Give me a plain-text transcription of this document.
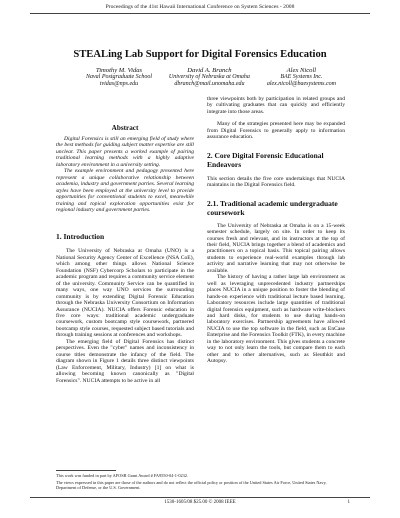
Proceedings of the 41st Hawaii International Conference on System Sciences - 2008
STEALing Lab Support for Digital Forensics Education
Timothy M. Vidas
Naval Postgraduate School
tvidas@nps.edu
David A. Branch
University of Nebraska at Omaha
dbranch@mail.unomaha.edu
Alex Nicoll
BAE Systems Inc.
alex.nicoll@baesystems.com
Abstract

Digital Forensics is still an emerging field of study where the best methods for guiding subject matter expertise are still unclear. This paper presents a worked example of pairing traditional learning methods with a highly adaptive laboratory environment in a university setting.

The example environment and pedagogy presented here represent a unique collaborative relationship between academia, industry and government parties. Several learning styles have been employed at the university level to provide opportunities for conventional students to excel, meanwhile training and topical exploration opportunities exist for regional industry and government parties.

1. Introduction

The University of Nebraska at Omaha (UNO) is a National Security Agency Center of Excellence (NSA CoE), which among other things allows National Science Foundation (NSF) Cybercorp Scholars to participate in the academic program and requires a community service element of the university. Community Service can be quantified in many ways, one way UNO services the surrounding community is by extending Digital Forensic Education through the Nebraska University Consortium on Information Assurance (NUCIA). NUCIA offers Forensic education in five core ways: traditional academic undergraduate coursework, custom bootcamp style coursework, partnered bootcamp style courses, requested subject based tutorials and through training sessions at conferences and workshops.

The emerging field of Digital Forensics has distinct perspectives. Even the "cyber" names and inconsistency in course titles demonstrate the infancy of the field. The diagram shown in Figure 1 details three distinct viewpoints (Law Enforcement, Military, Industry) [1] on what is allowing becoming known canonically as "Digital Forensics". NUCIA attempts to be active in all

three viewpoints both by participation in related groups and by cultivating graduates that can quickly and efficiently integrate into those areas.

Many of the strategies presented here may be expanded from Digital Forensics to generally apply to information assurance education.

2. Core Digital Forensic Educational Endeavors

This section details the five core undertakings that NUCIA maintains in the Digital Forensics field.

2.1. Traditional academic undergraduate coursework

The University of Nebraska at Omaha is on a 15-week semester schedule, largely on site. In order to keep its courses fresh and relevant, and its instructors at the top of their field, NUCIA brings together a blend of academics and practitioners on a topical basis. This topical pairing allows students to experience real-world examples through lab activity and narrative learning that may not otherwise be available.

The history of having a rather large lab environment as well as leveraging unprecedented industry partnerships places NUCIA in a unique position to foster the blending of hands-on experience with traditional lecture based learning. Laboratory resources include large quantities of traditional digital forensics equipment, such as hardware write-blockers and hard disks, for students to use during hands-on laboratory exercises. Partnership agreements have allowed NUCIA to use the top software in the field, such as EnCase Enterprise and the Forensics Toolkit (FTK), in every machine in the laboratory environment. This gives students a concrete way to not only learn the tools, but compare them to each other and to other alternatives, such as Sleuthkit and Autopsy.

This work was funded in part by AFOSR Grant Award # FA9550-04-1-0232.
The views expressed in this paper are those of the authors and do not reflect the official policy or position of the United States Air Force, United States Navy, Department of Defense, or the U.S. Government.
1530-1605/08 $25.00 © 2008 IEEE	1
